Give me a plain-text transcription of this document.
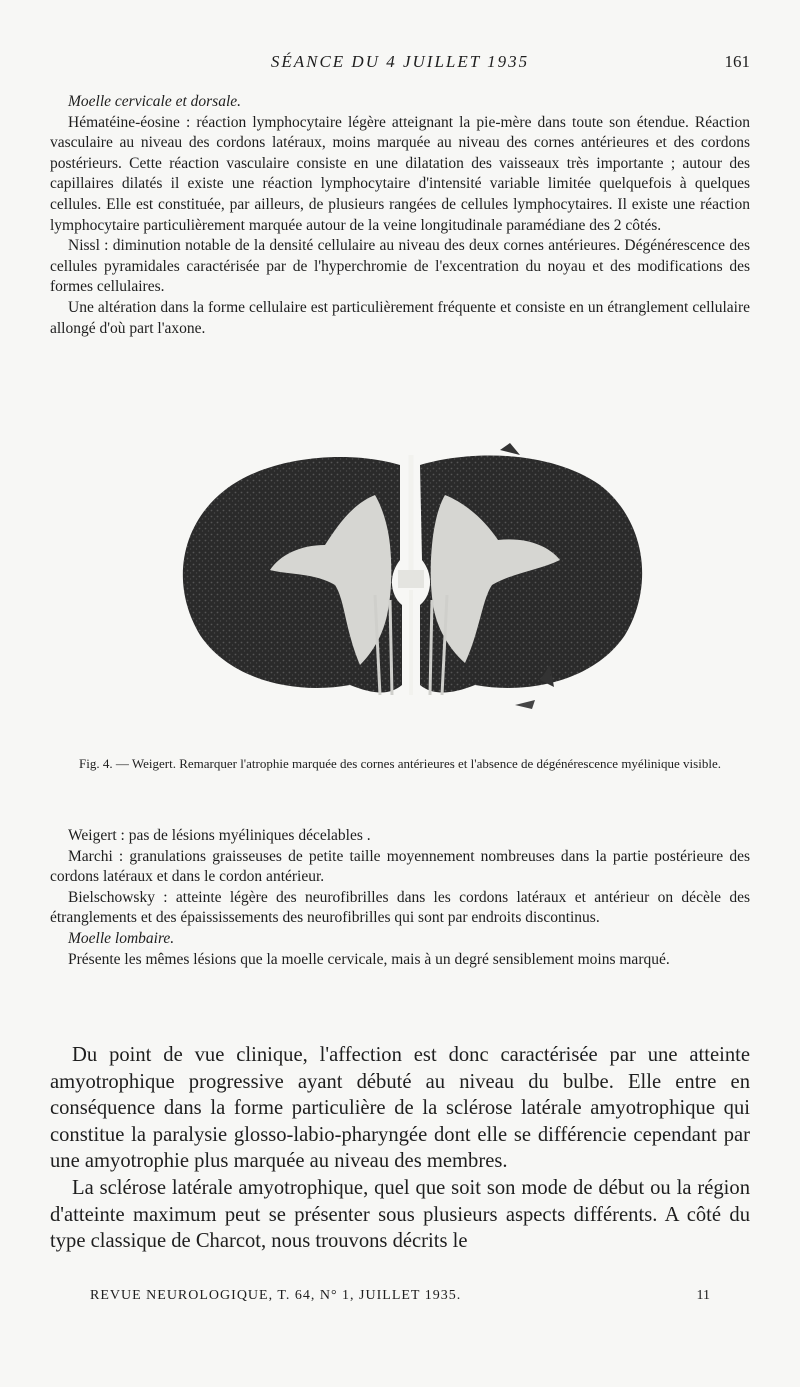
SÉANCE DU 4 JUILLET 1935	161

Moelle cervicale et dorsale.

Hématéine-éosine : réaction lymphocytaire légère atteignant la pie-mère dans toute son étendue. Réaction vasculaire au niveau des cordons latéraux, moins marquée au niveau des cornes antérieures et des cordons postérieurs. Cette réaction vasculaire consiste en une dilatation des vaisseaux très importante ; autour des capillaires dilatés il existe une réaction lymphocytaire d'intensité variable limitée quelquefois à quelques cellules. Elle est constituée, par ailleurs, de plusieurs rangées de cellules lymphocytaires. Il existe une réaction lymphocytaire particulièrement marquée autour de la veine longitudinale paramédiane des 2 côtés.

Nissl : diminution notable de la densité cellulaire au niveau des deux cornes antérieures. Dégénérescence des cellules pyramidales caractérisée par de l'hyperchromie de l'excentration du noyau et des modifications des formes cellulaires.

Une altération dans la forme cellulaire est particulièrement fréquente et consiste en un étranglement cellulaire allongé d'où part l'axone.

Fig. 4. — Weigert. Remarquer l'atrophie marquée des cornes antérieures et l'absence de dégénérescence myélinique visible.

Weigert : pas de lésions myéliniques décelables .

Marchi : granulations graisseuses de petite taille moyennement nombreuses dans la partie postérieure des cordons latéraux et dans le cordon antérieur.

Bielschowsky : atteinte légère des neurofibrilles dans les cordons latéraux et antérieur on décèle des étranglements et des épaississements des neurofibrilles qui sont par endroits discontinus.

Moelle lombaire.

Présente les mêmes lésions que la moelle cervicale, mais à un degré sensiblement moins marqué.

Du point de vue clinique, l'affection est donc caractérisée par une atteinte amyotrophique progressive ayant débuté au niveau du bulbe. Elle entre en conséquence dans la forme particulière de la sclérose latérale amyotrophique qui constitue la paralysie glosso-labio-pharyngée dont elle se différencie cependant par une amyotrophie plus marquée au niveau des membres.

La sclérose latérale amyotrophique, quel que soit son mode de début ou la région d'atteinte maximum peut se présenter sous plusieurs aspects différents. A côté du type classique de Charcot, nous trouvons décrits le

REVUE NEUROLOGIQUE, T. 64, N° 1, JUILLET 1935.	11
